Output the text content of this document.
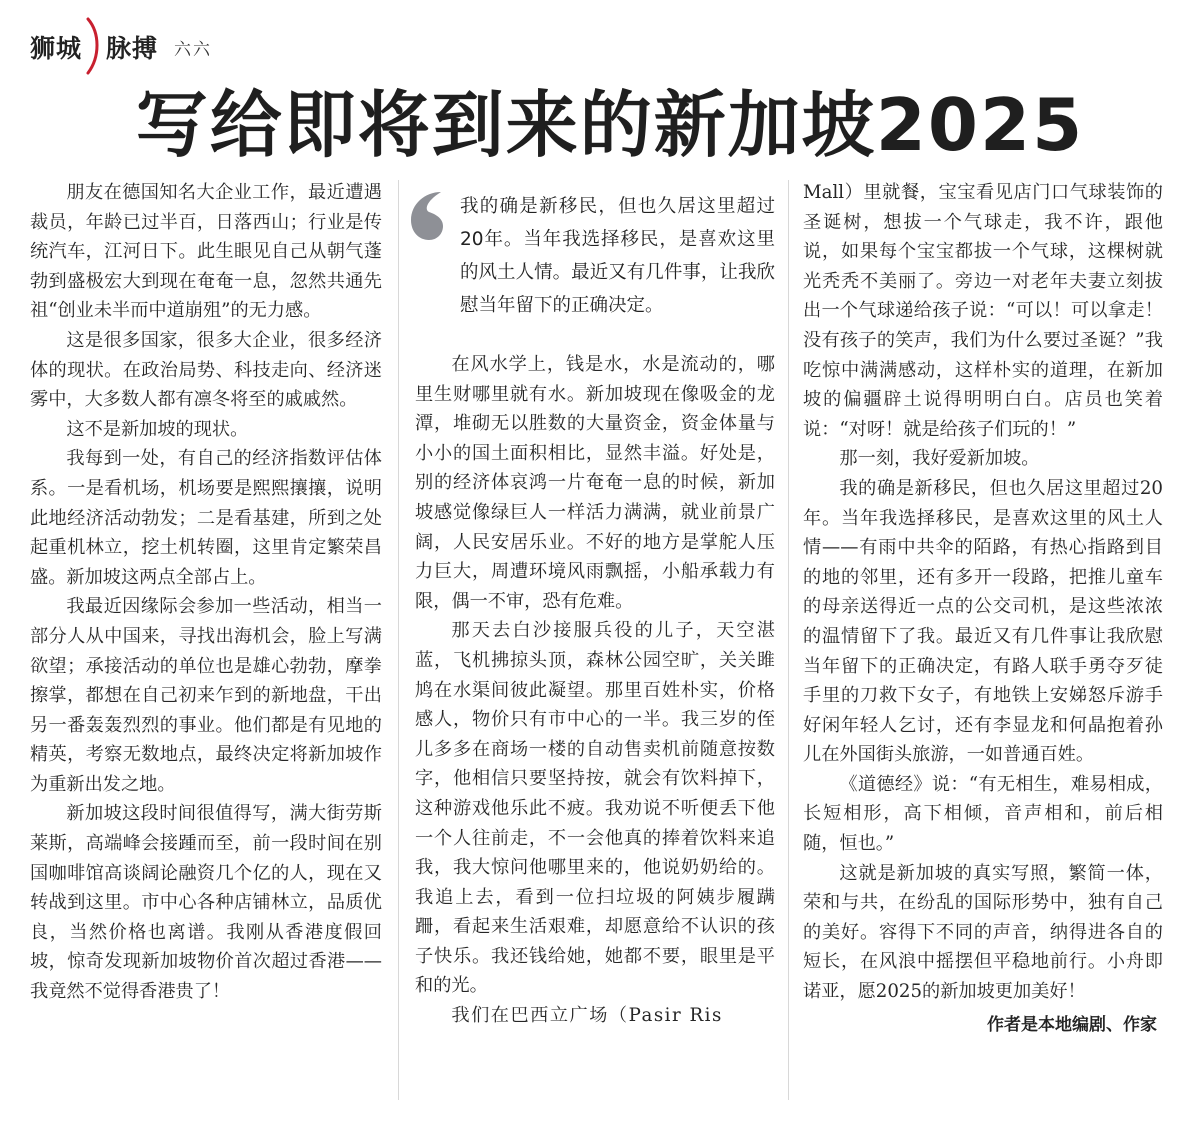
狮城 脉搏 六六
写给即将到来的新加坡2025

朋友在德国知名大企业工作，最近遭遇裁员，年龄已过半百，日落西山；行业是传统汽车，江河日下。此生眼见自己从朝气蓬勃到盛极宏大到现在奄奄一息，忽然共通先祖“创业未半而中道崩殂”的无力感。

这是很多国家，很多大企业，很多经济体的现状。在政治局势、科技走向、经济迷雾中，大多数人都有凛冬将至的戚戚然。

这不是新加坡的现状。

我每到一处，有自己的经济指数评估体系。一是看机场，机场要是熙熙攘攘，说明此地经济活动勃发；二是看基建，所到之处起重机林立，挖土机转圈，这里肯定繁荣昌盛。新加坡这两点全部占上。

我最近因缘际会参加一些活动，相当一部分人从中国来，寻找出海机会，脸上写满欲望；承接活动的单位也是雄心勃勃，摩拳擦掌，都想在自己初来乍到的新地盘，干出另一番轰轰烈烈的事业。他们都是有见地的精英，考察无数地点，最终决定将新加坡作为重新出发之地。

新加坡这段时间很值得写，满大街劳斯莱斯，高端峰会接踵而至，前一段时间在别国咖啡馆高谈阔论融资几个亿的人，现在又转战到这里。市中心各种店铺林立，品质优良，当然价格也离谱。我刚从香港度假回坡，惊奇发现新加坡物价首次超过香港——我竟然不觉得香港贵了！

我的确是新移民，但也久居这里超过20年。当年我选择移民，是喜欢这里的风土人情。最近又有几件事，让我欣慰当年留下的正确决定。

在风水学上，钱是水，水是流动的，哪里生财哪里就有水。新加坡现在像吸金的龙潭，堆砌无以胜数的大量资金，资金体量与小小的国土面积相比，显然丰溢。好处是，别的经济体哀鸿一片奄奄一息的时候，新加坡感觉像绿巨人一样活力满满，就业前景广阔，人民安居乐业。不好的地方是掌舵人压力巨大，周遭环境风雨飘摇，小船承载力有限，偶一不审，恐有危难。

那天去白沙接服兵役的儿子，天空湛蓝，飞机拂掠头顶，森林公园空旷，关关雎鸠在水渠间彼此凝望。那里百姓朴实，价格感人，物价只有市中心的一半。我三岁的侄儿多多在商场一楼的自动售卖机前随意按数字，他相信只要坚持按，就会有饮料掉下，这种游戏他乐此不疲。我劝说不听便丢下他一个人往前走，不一会他真的捧着饮料来追我，我大惊问他哪里来的，他说奶奶给的。我追上去，看到一位扫垃圾的阿姨步履蹒跚，看起来生活艰难，却愿意给不认识的孩子快乐。我还钱给她，她都不要，眼里是平和的光。

我们在巴西立广场（Pasir Ris

Mall）里就餐，宝宝看见店门口气球装饰的圣诞树，想拔一个气球走，我不许，跟他说，如果每个宝宝都拔一个气球，这棵树就光秃秃不美丽了。旁边一对老年夫妻立刻拔出一个气球递给孩子说：“可以！可以拿走！没有孩子的笑声，我们为什么要过圣诞？”我吃惊中满满感动，这样朴实的道理，在新加坡的偏疆辟土说得明明白白。店员也笑着说：“对呀！就是给孩子们玩的！”

那一刻，我好爱新加坡。

我的确是新移民，但也久居这里超过20年。当年我选择移民，是喜欢这里的风土人情——有雨中共伞的陌路，有热心指路到目的地的邻里，还有多开一段路，把推儿童车的母亲送得近一点的公交司机，是这些浓浓的温情留下了我。最近又有几件事让我欣慰当年留下的正确决定，有路人联手勇夺歹徒手里的刀救下女子，有地铁上安娣怒斥游手好闲年轻人乞讨，还有李显龙和何晶抱着孙儿在外国街头旅游，一如普通百姓。

《道德经》说：“有无相生，难易相成，长短相形，高下相倾，音声相和，前后相随，恒也。”

这就是新加坡的真实写照，繁简一体，荣和与共，在纷乱的国际形势中，独有自己的美好。容得下不同的声音，纳得进各自的短长，在风浪中摇摆但平稳地前行。小舟即诺亚，愿2025的新加坡更加美好！

作者是本地编剧、作家
